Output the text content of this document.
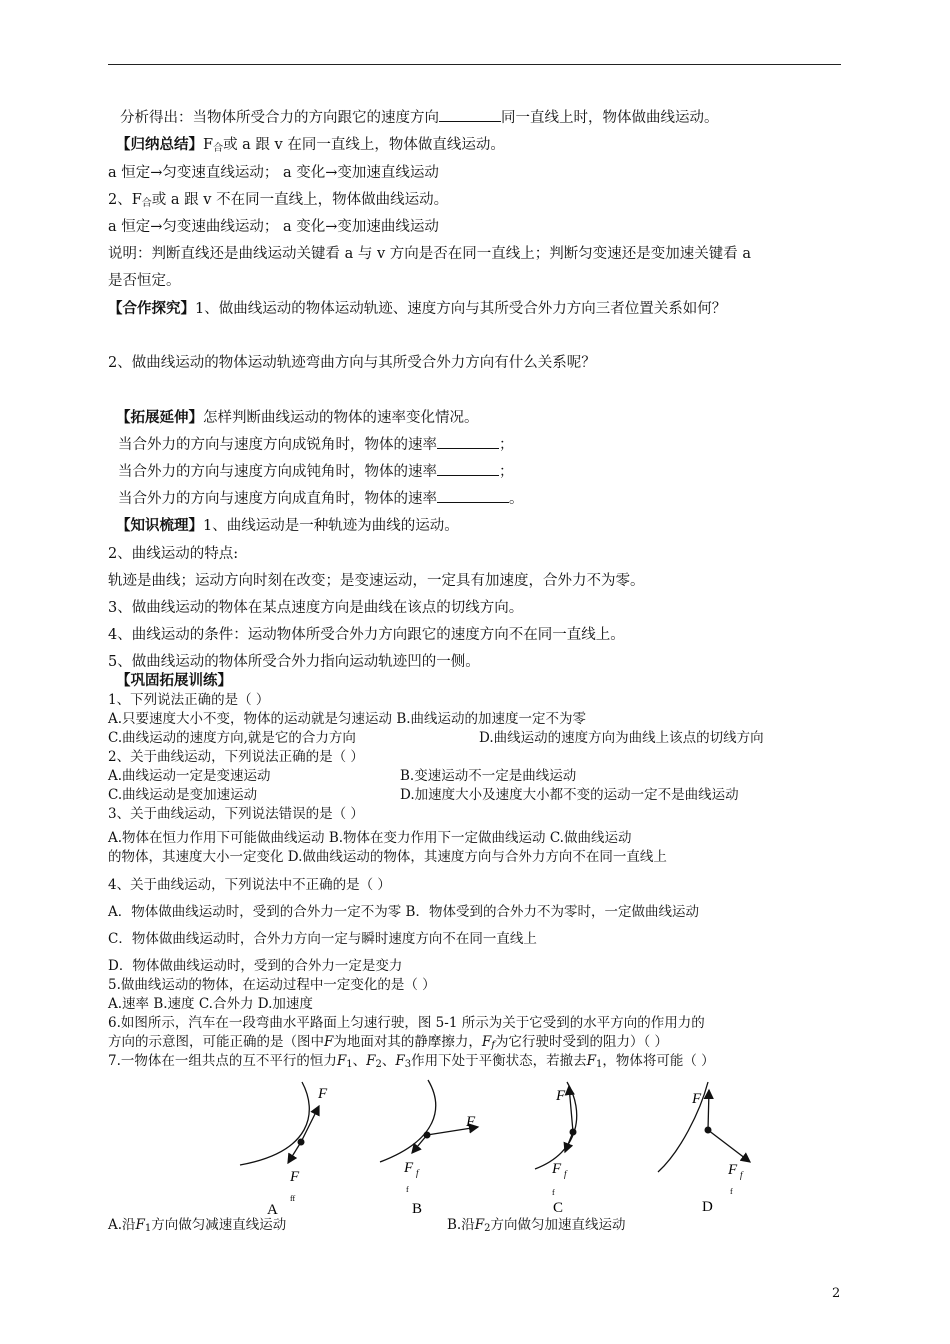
分析得出：当物体所受合力的方向跟它的速度方向	同一直线上时，物体做曲线运动。
【归纳总结】$F_合$或 a 跟 v 在同一直线上，物体做直线运动。
a 恒定→匀变速直线运动； a 变化→变加速直线运动
2、$F_合$或 a 跟 v 不在同一直线上，物体做曲线运动。
a 恒定→匀变速曲线运动； a 变化→变加速曲线运动
说明：判断直线还是曲线运动关键看 a 与 v 方向是否在同一直线上；判断匀变速还是变加速关键看 a
是否恒定。
【合作探究】1、做曲线运动的物体运动轨迹、速度方向与其所受合外力方向三者位置关系如何？
2、做曲线运动的物体运动轨迹弯曲方向与其所受合外力方向有什么关系呢？
【拓展延伸】怎样判断曲线运动的物体的速率变化情况。
当合外力的方向与速度方向成锐角时，物体的速率	；
当合外力的方向与速度方向成钝角时，物体的速率	；
当合外力的方向与速度方向成直角时，物体的速率	。
【知识梳理】1、曲线运动是一种轨迹为曲线的运动。
2、曲线运动的特点:
轨迹是曲线；运动方向时刻在改变；是变速运动，一定具有加速度，合外力不为零。
3、做曲线运动的物体在某点速度方向是曲线在该点的切线方向。
4、曲线运动的条件：运动物体所受合外力方向跟它的速度方向不在同一直线上。
5、做曲线运动的物体所受合外力指向运动轨迹凹的一侧。
【巩固拓展训练】
1、下列说法正确的是（ ）
A.只要速度大小不变，物体的运动就是匀速运动 B.曲线运动的加速度一定不为零
C.曲线运动的速度方向,就是它的合力方向	D.曲线运动的速度方向为曲线上该点的切线方向
2、关于曲线运动，下列说法正确的是（ ）
A.曲线运动一定是变速运动	B.变速运动不一定是曲线运动
C.曲线运动是变加速运动	D.加速度大小及速度大小都不变的运动一定不是曲线运动
3、关于曲线运动，下列说法错误的是（ ）
A.物体在恒力作用下可能做曲线运动 B.物体在变力作用下一定做曲线运动 C.做曲线运动
的物体，其速度大小一定变化 D.做曲线运动的物体，其速度方向与合外力方向不在同一直线上
4、关于曲线运动，下列说法中不正确的是（ ）
A．物体做曲线运动时，受到的合外力一定不为零 B．物体受到的合外力不为零时，一定做曲线运动
C．物体做曲线运动时，合外力方向一定与瞬时速度方向不在同一直线上
D．物体做曲线运动时，受到的合外力一定是变力
5.做曲线运动的物体，在运动过程中一定变化的是（ ）
A.速率 B.速度 C.合外力 D.加速度
6.如图所示，汽车在一段弯曲水平路面上匀速行驶，图 5-1 所示为关于它受到的水平方向的作用力的
方向的示意图，可能正确的是（图中F为地面对其的静摩擦力，$F_f$为它行驶时受到的阻力）（ ）
7.一物体在一组共点的互不平行的恒力$F_1$、$F_2$、$F_3$作用下处于平衡状态，若撤去$F_1$，物体将可能（ ）
F
F
ff
A
F
F f
f
B
F
F f
f
C
F
F f
f
D
A.沿$F_1$方向做匀减速直线运动	B.沿$F_2$方向做匀加速直线运动
2
